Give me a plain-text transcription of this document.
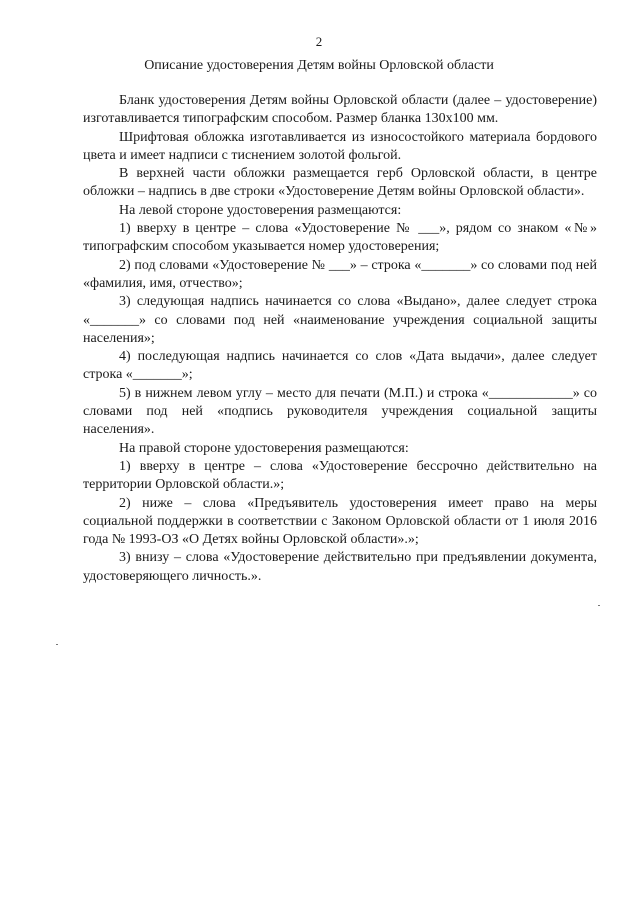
2
Описание удостоверения Детям войны Орловской области

Бланк удостоверения Детям войны Орловской области (далее – удостоверение) изготавливается типографским способом. Размер бланка 130х100 мм.

Шрифтовая обложка изготавливается из износостойкого материала бордового цвета и имеет надписи с тиснением золотой фольгой.

В верхней части обложки размещается герб Орловской области, в центре обложки – надпись в две строки «Удостоверение Детям войны Орловской области».

На левой стороне удостоверения размещаются:

1) вверху в центре – слова «Удостоверение № ___», рядом со знаком «№» типографским способом указывается номер удостоверения;

2) под словами «Удостоверение № ___» – строка «_______» со словами под ней «фамилия, имя, отчество»;

3) следующая надпись начинается со слова «Выдано», далее следует строка «_______» со словами под ней «наименование учреждения социальной защиты населения»;

4) последующая надпись начинается со слов «Дата выдачи», далее следует строка «_______»;

5) в нижнем левом углу – место для печати (М.П.) и строка «____________» со словами под ней «подпись руководителя учреждения социальной защиты населения».

На правой стороне удостоверения размещаются:

1) вверху в центре – слова «Удостоверение бессрочно действительно на территории Орловской области.»;

2) ниже – слова «Предъявитель удостоверения имеет право на меры социальной поддержки в соответствии с Законом Орловской области от 1 июля 2016 года № 1993-ОЗ «О Детях войны Орловской области».»;

3) внизу – слова «Удостоверение действительно при предъявлении документа, удостоверяющего личность.».
